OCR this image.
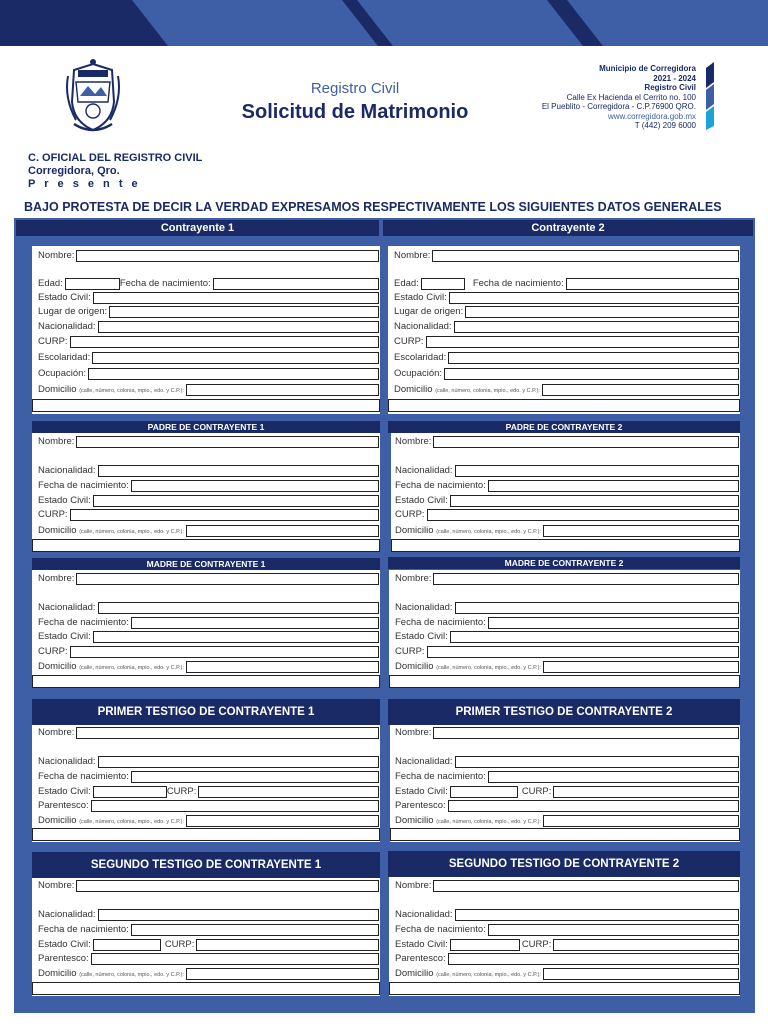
Registro Civil
Solicitud de Matrimonio
Municipio de Corregidora
2021 - 2024
Registro Civil
Calle Ex Hacienda el Cerrito no. 100
El Pueblito - Corregidora - C.P.76900 QRO.
www.corregidora.gob.mx
T (442) 209 6000
C. OFICIAL DEL REGISTRO CIVIL
Corregidora, Qro.
P r e s e n t e
BAJO PROTESTA DE DECIR LA VERDAD EXPRESAMOS RESPECTIVAMENTE LOS SIGUIENTES DATOS GENERALES
Contrayente 1	Contrayente 2
Nombre:
Edad:	Fecha de nacimiento:
Estado Civil:
Lugar de origen:
Nacionalidad:
CURP:
Escolaridad:
Ocupación:
Domicilio (calle, número, colonia, mpio., edo. y C.P.):
Nombre:
Edad:	Fecha de nacimiento:
Estado Civil:
Lugar de origen:
Nacionalidad:
CURP:
Escolaridad:
Ocupación:
Domicilio (calle, número, colonia, mpio., edo. y C.P.):
PADRE DE CONTRAYENTE 1	PADRE DE CONTRAYENTE 2
Nombre:
Nacionalidad:
Fecha de nacimiento:
Estado Civil:
CURP:
Domicilio (calle, número, colonia, mpio., edo. y C.P.):
Nombre:
Nacionalidad:
Fecha de nacimiento:
Estado Civil:
CURP:
Domicilio (calle, número, colonia, mpio., edo. y C.P.):
MADRE DE CONTRAYENTE 1	MADRE DE CONTRAYENTE 2
Nombre:
Nacionalidad:
Fecha de nacimiento:
Estado Civil:
CURP:
Domicilio (calle, número, colonia, mpio., edo. y C.P.):
Nombre:
Nacionalidad:
Fecha de nacimiento:
Estado Civil:
CURP:
Domicilio (calle, número, colonia, mpio., edo. y C.P.):
PRIMER TESTIGO DE CONTRAYENTE 1	PRIMER TESTIGO DE CONTRAYENTE 2
Nombre:
Nacionalidad:
Fecha de nacimiento:
Estado Civil:	CURP:
Parentesco:
Domicilio (calle, número, colonia, mpio., edo. y C.P.):
Nombre:
Nacionalidad:
Fecha de nacimiento:
Estado Civil:	CURP:
Parentesco:
Domicilio (calle, número, colonia, mpio., edo. y C.P.):
SEGUNDO TESTIGO DE CONTRAYENTE 1	SEGUNDO TESTIGO DE CONTRAYENTE 2
Nombre:
Nacionalidad:
Fecha de nacimiento:
Estado Civil:	CURP:
Parentesco:
Domicilio (calle, número, colonia, mpio., edo. y C.P.):
Nombre:
Nacionalidad:
Fecha de nacimiento:
Estado Civil:	CURP:
Parentesco:
Domicilio (calle, número, colonia, mpio., edo. y C.P.):
